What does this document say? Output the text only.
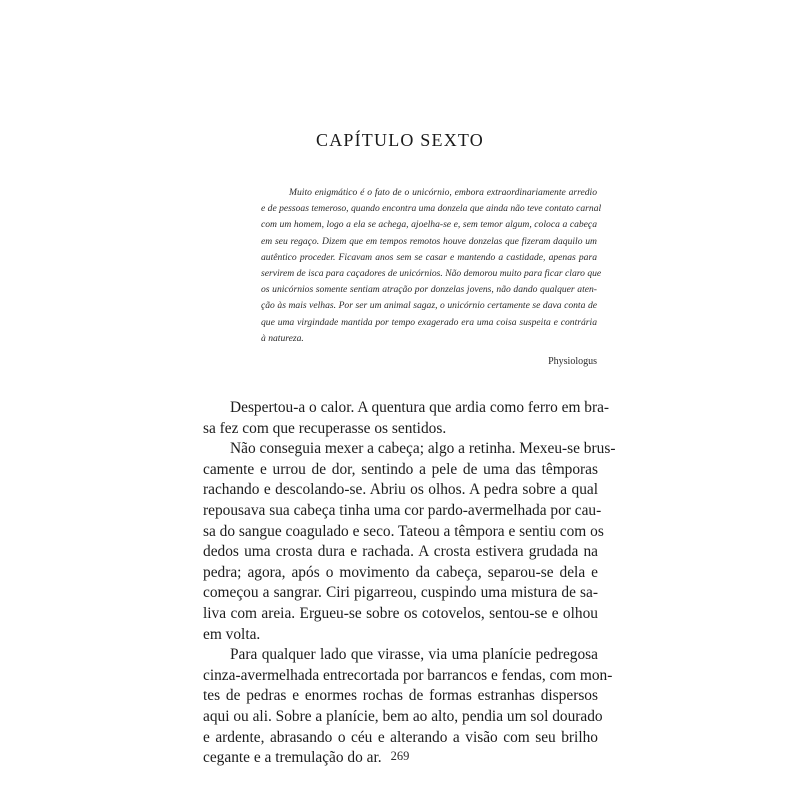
CAPÍTULO SEXTO
Muito enigmático é o fato de o unicórnio, embora extraordinariamente arredio
e de pessoas temeroso, quando encontra uma donzela que ainda não teve contato carnal
com um homem, logo a ela se achega, ajoelha-se e, sem temor algum, coloca a cabeça
em seu regaço. Dizem que em tempos remotos houve donzelas que fizeram daquilo um
autêntico proceder. Ficavam anos sem se casar e mantendo a castidade, apenas para
servirem de isca para caçadores de unicórnios. Não demorou muito para ficar claro que
os unicórnios somente sentiam atração por donzelas jovens, não dando qualquer aten-
ção às mais velhas. Por ser um animal sagaz, o unicórnio certamente se dava conta de
que uma virgindade mantida por tempo exagerado era uma coisa suspeita e contrária
à natureza.
Physiologus
Despertou-a o calor. A quentura que ardia como ferro em bra-
sa fez com que recuperasse os sentidos.
Não conseguia mexer a cabeça; algo a retinha. Mexeu-se brus-
camente e urrou de dor, sentindo a pele de uma das têmporas
rachando e descolando-se. Abriu os olhos. A pedra sobre a qual
repousava sua cabeça tinha uma cor pardo-avermelhada por cau-
sa do sangue coagulado e seco. Tateou a têmpora e sentiu com os
dedos uma crosta dura e rachada. A crosta estivera grudada na
pedra; agora, após o movimento da cabeça, separou-se dela e
começou a sangrar. Ciri pigarreou, cuspindo uma mistura de sa-
liva com areia. Ergueu-se sobre os cotovelos, sentou-se e olhou
em volta.
Para qualquer lado que virasse, via uma planície pedregosa
cinza-avermelhada entrecortada por barrancos e fendas, com mon-
tes de pedras e enormes rochas de formas estranhas dispersos
aqui ou ali. Sobre a planície, bem ao alto, pendia um sol dourado
e ardente, abrasando o céu e alterando a visão com seu brilho
cegante e a tremulação do ar. 269
